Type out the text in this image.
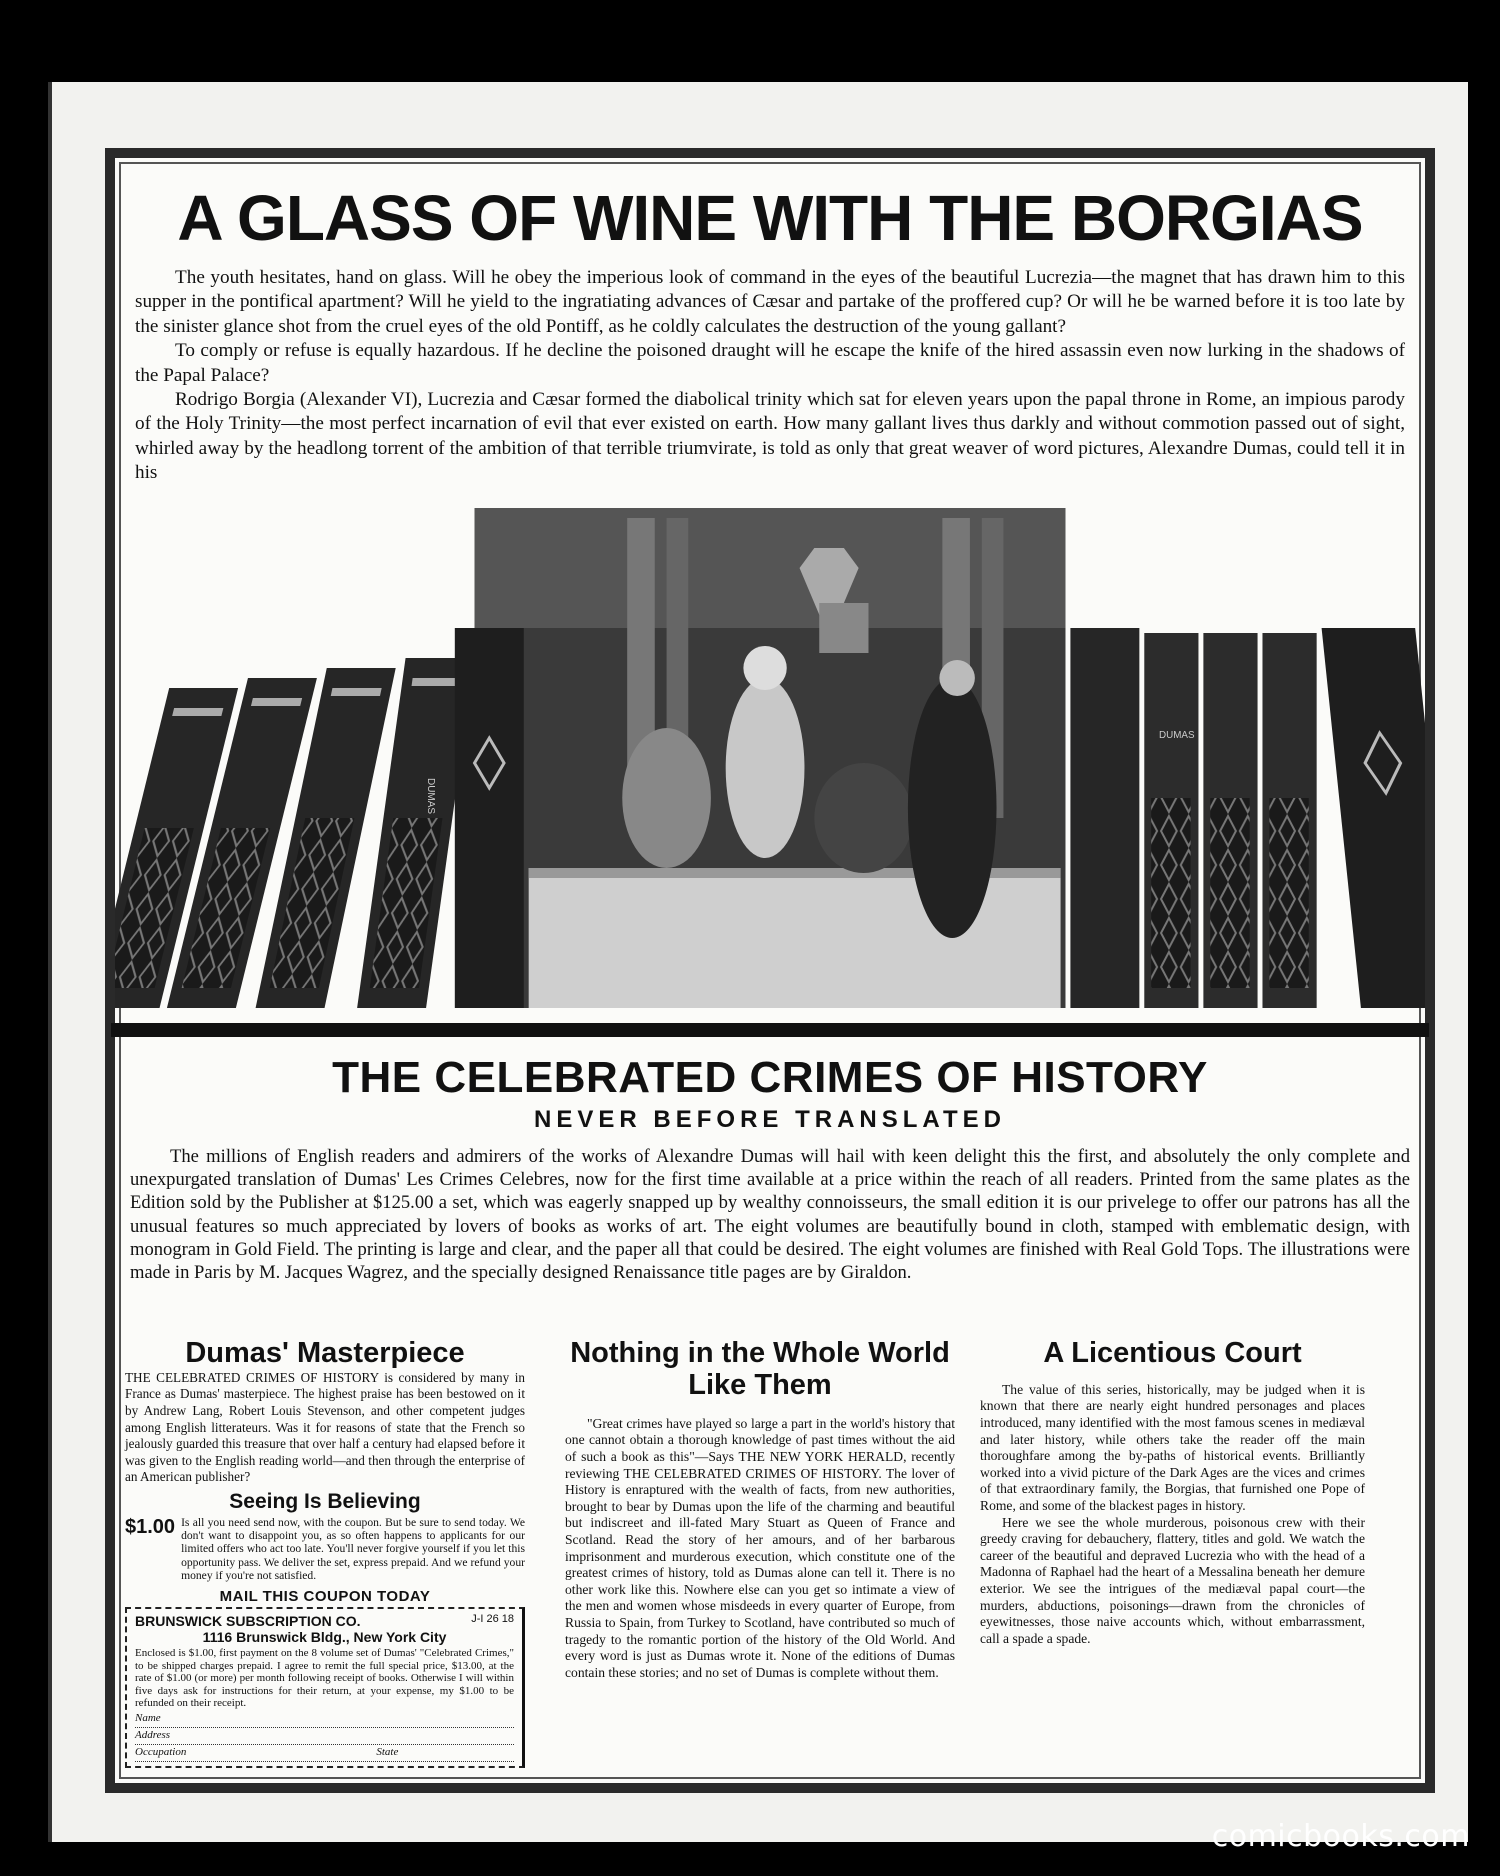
A GLASS OF WINE WITH THE BORGIAS

The youth hesitates, hand on glass. Will he obey the imperious look of command in the eyes of the beautiful Lucrezia—the magnet that has drawn him to this supper in the pontifical apartment? Will he yield to the ingratiating advances of Cæsar and partake of the proffered cup? Or will he be warned before it is too late by the sinister glance shot from the cruel eyes of the old Pontiff, as he coldly calculates the destruction of the young gallant?

To comply or refuse is equally hazardous. If he decline the poisoned draught will he escape the knife of the hired assassin even now lurking in the shadows of the Papal Palace?

Rodrigo Borgia (Alexander VI), Lucrezia and Cæsar formed the diabolical trinity which sat for eleven years upon the papal throne in Rome, an impious parody of the Holy Trinity—the most perfect incarnation of evil that ever existed on earth. How many gallant lives thus darkly and without commotion passed out of sight, whirled away by the headlong torrent of the ambition of that terrible triumvirate, is told as only that great weaver of word pictures, Alexandre Dumas, could tell it in his

DUMAS
DUMAS
THE CELEBRATED CRIMES OF HISTORY
NEVER BEFORE TRANSLATED

The millions of English readers and admirers of the works of Alexandre Dumas will hail with keen delight this the first, and absolutely the only complete and unexpurgated translation of Dumas' Les Crimes Celebres, now for the first time available at a price within the reach of all readers. Printed from the same plates as the Edition sold by the Publisher at $125.00 a set, which was eagerly snapped up by wealthy connoisseurs, the small edition it is our privelege to offer our patrons has all the unusual features so much appreciated by lovers of books as works of art. The eight volumes are beautifully bound in cloth, stamped with emblematic design, with monogram in Gold Field. The printing is large and clear, and the paper all that could be desired. The eight volumes are finished with Real Gold Tops. The illustrations were made in Paris by M. Jacques Wagrez, and the specially designed Renaissance title pages are by Giraldon.

Dumas' Masterpiece

THE CELEBRATED CRIMES OF HISTORY is considered by many in France as Dumas' masterpiece. The highest praise has been bestowed on it by Andrew Lang, Robert Louis Stevenson, and other competent judges among English litterateurs. Was it for reasons of state that the French so jealously guarded this treasure that over half a century had elapsed before it was given to the English reading world—and then through the enterprise of an American publisher?

Seeing Is Believing
$1.00 Is all you need send now, with the coupon. But be sure to send today. We don't want to disappoint you, as so often happens to applicants for our limited offers who act too late. You'll never forgive yourself if you let this opportunity pass. We deliver the set, express prepaid. And we refund your money if you're not satisfied.

MAIL THIS COUPON TODAY
BRUNSWICK SUBSCRIPTION CO.	J-I 26 18
1116 Brunswick Bldg., New York City

Enclosed is $1.00, first payment on the 8 volume set of Dumas' "Celebrated Crimes," to be shipped charges prepaid. I agree to remit the full special price, $13.00, at the rate of $1.00 (or more) per month following receipt of books. Otherwise I will within five days ask for instructions for their return, at your expense, my $1.00 to be refunded on their receipt.

Name
Address
Occupation	State
Nothing in the Whole World Like Them

"Great crimes have played so large a part in the world's history that one cannot obtain a thorough knowledge of past times without the aid of such a book as this"—Says THE NEW YORK HERALD, recently reviewing THE CELEBRATED CRIMES OF HISTORY. The lover of History is enraptured with the wealth of facts, from new authorities, brought to bear by Dumas upon the life of the charming and beautiful but indiscreet and ill-fated Mary Stuart as Queen of France and Scotland. Read the story of her amours, and of her barbarous imprisonment and murderous execution, which constitute one of the greatest crimes of history, told as Dumas alone can tell it. There is no other work like this. Nowhere else can you get so intimate a view of the men and women whose misdeeds in every quarter of Europe, from Russia to Spain, from Turkey to Scotland, have contributed so much of tragedy to the romantic portion of the history of the Old World. And every word is just as Dumas wrote it. None of the editions of Dumas contain these stories; and no set of Dumas is complete without them.

A Licentious Court

The value of this series, historically, may be judged when it is known that there are nearly eight hundred personages and places introduced, many identified with the most famous scenes in mediæval and later history, while others take the reader off the main thoroughfare among the by-paths of historical events. Brilliantly worked into a vivid picture of the Dark Ages are the vices and crimes of that extraordinary family, the Borgias, that furnished one Pope of Rome, and some of the blackest pages in history.

Here we see the whole murderous, poisonous crew with their greedy craving for debauchery, flattery, titles and gold. We watch the career of the beautiful and depraved Lucrezia who with the head of a Madonna of Raphael had the heart of a Messalina beneath her demure exterior. We see the intrigues of the mediæval papal court—the murders, abductions, poisonings—drawn from the chronicles of eyewitnesses, those naive accounts which, without embarrassment, call a spade a spade.

comicbooks.com
